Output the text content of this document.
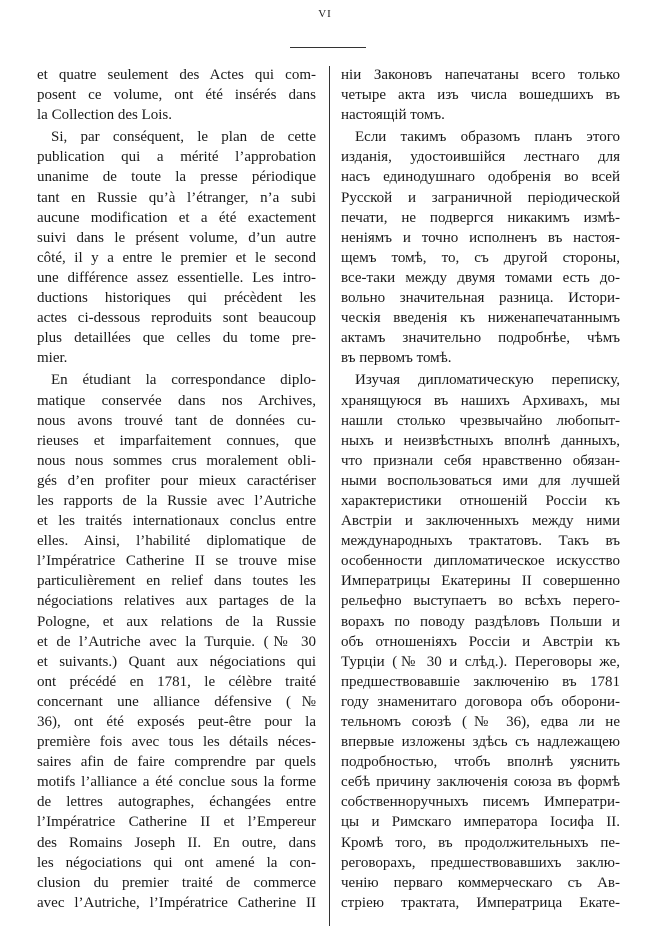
VI
et quatre seulement des Actes qui com-
posent ce volume, ont été insérés dans
la Collection des Lois.
Si, par conséquent, le plan de cette
publication qui a mérité l’approbation
unanime de toute la presse périodique
tant en Russie qu’à l’étranger, n’a subi
aucune modification et a été exactement
suivi dans le présent volume, d’un autre
côté, il y a entre le premier et le second
une différence assez essentielle. Les intro-
ductions historiques qui précèdent les
actes ci-dessous reproduits sont beaucoup
plus detaillées que celles du tome pre-
mier.
En étudiant la correspondance diplo-
matique conservée dans nos Archives,
nous avons trouvé tant de données cu-
rieuses et imparfaitement connues, que
nous nous sommes crus moralement obli-
gés d’en profiter pour mieux caractériser
les rapports de la Russie avec l’Autriche
et les traités internationaux conclus entre
elles. Ainsi, l’habilité diplomatique de
l’Impératrice Catherine II se trouve mise
particulièrement en relief dans toutes les
négociations relatives aux partages de la
Pologne, et aux relations de la Russie
et de l’Autriche avec la Turquie. (№ 30
et suivants.) Quant aux négociations qui
ont précédé en 1781, le célèbre traité
concernant une alliance défensive (№
36), ont été exposés peut-être pour la
première fois avec tous les détails néces-
saires afin de faire comprendre par quels
motifs l’alliance a été conclue sous la forme
de lettres autographes, échangées entre
l’Impératrice Catherine II et l’Empereur
des Romains Joseph II. En outre, dans
les négociations qui ont amené la con-
clusion du premier traité de commerce
avec l’Autriche, l’Impératrice Catherine II
нiи Законовъ напечатаны всего только
четыре акта изъ числа вошедшихъ въ
настоящiй томъ.
Если такимъ образомъ планъ этого
изданiя, удостоившiйся лестнаго для
насъ единодушнаго одобренiя во всей
Русской и заграничной перiодической
печати, не подвергся никакимъ измѣ-
ненiямъ и точно исполненъ въ настоя-
щемъ томѣ, то, съ другой стороны,
все-таки между двумя томами есть до-
вольно значительная разница. Истори-
ческiя введенiя къ ниженапечатаннымъ
актамъ значительно подробнѣе, чѣмъ
въ первомъ томѣ.
Изучая дипломатическую переписку,
хранящуюся въ нашихъ Архивахъ, мы
нашли столько чрезвычайно любопыт-
ныхъ и неизвѣстныхъ вполнѣ данныхъ,
что признали себя нравственно обязан-
ными воспользоваться ими для лучшей
характеристики отношенiй Россiи къ
Австрiи и заключенныхъ между ними
международныхъ трактатовъ. Такъ въ
особенности дипломатическое искусство
Императрицы Екатерины II совершенно
рельефно выступаетъ во всѣхъ перего-
ворахъ по поводу раздѣловъ Польши и
объ отношенiяхъ Россiи и Австрiи къ
Турцiи (№ 30 и слѣд.). Переговоры же,
предшествовавшiе заключенiю въ 1781
году знаменитаго договора объ оборони-
тельномъ союзѣ (№ 36), едва ли не
впервые изложены здѣсь съ надлежащею
подробностью, чтобъ вполнѣ уяснить
себѣ причину заключенiя союза въ формѣ
собственноручныхъ писемъ Императри-
цы и Римскаго императора Iосифа II.
Кромѣ того, въ продолжительныхъ пе-
реговорахъ, предшествовавшихъ заклю-
ченiю перваго коммерческаго съ Ав-
стрiею трактата, Императрица Екате-
